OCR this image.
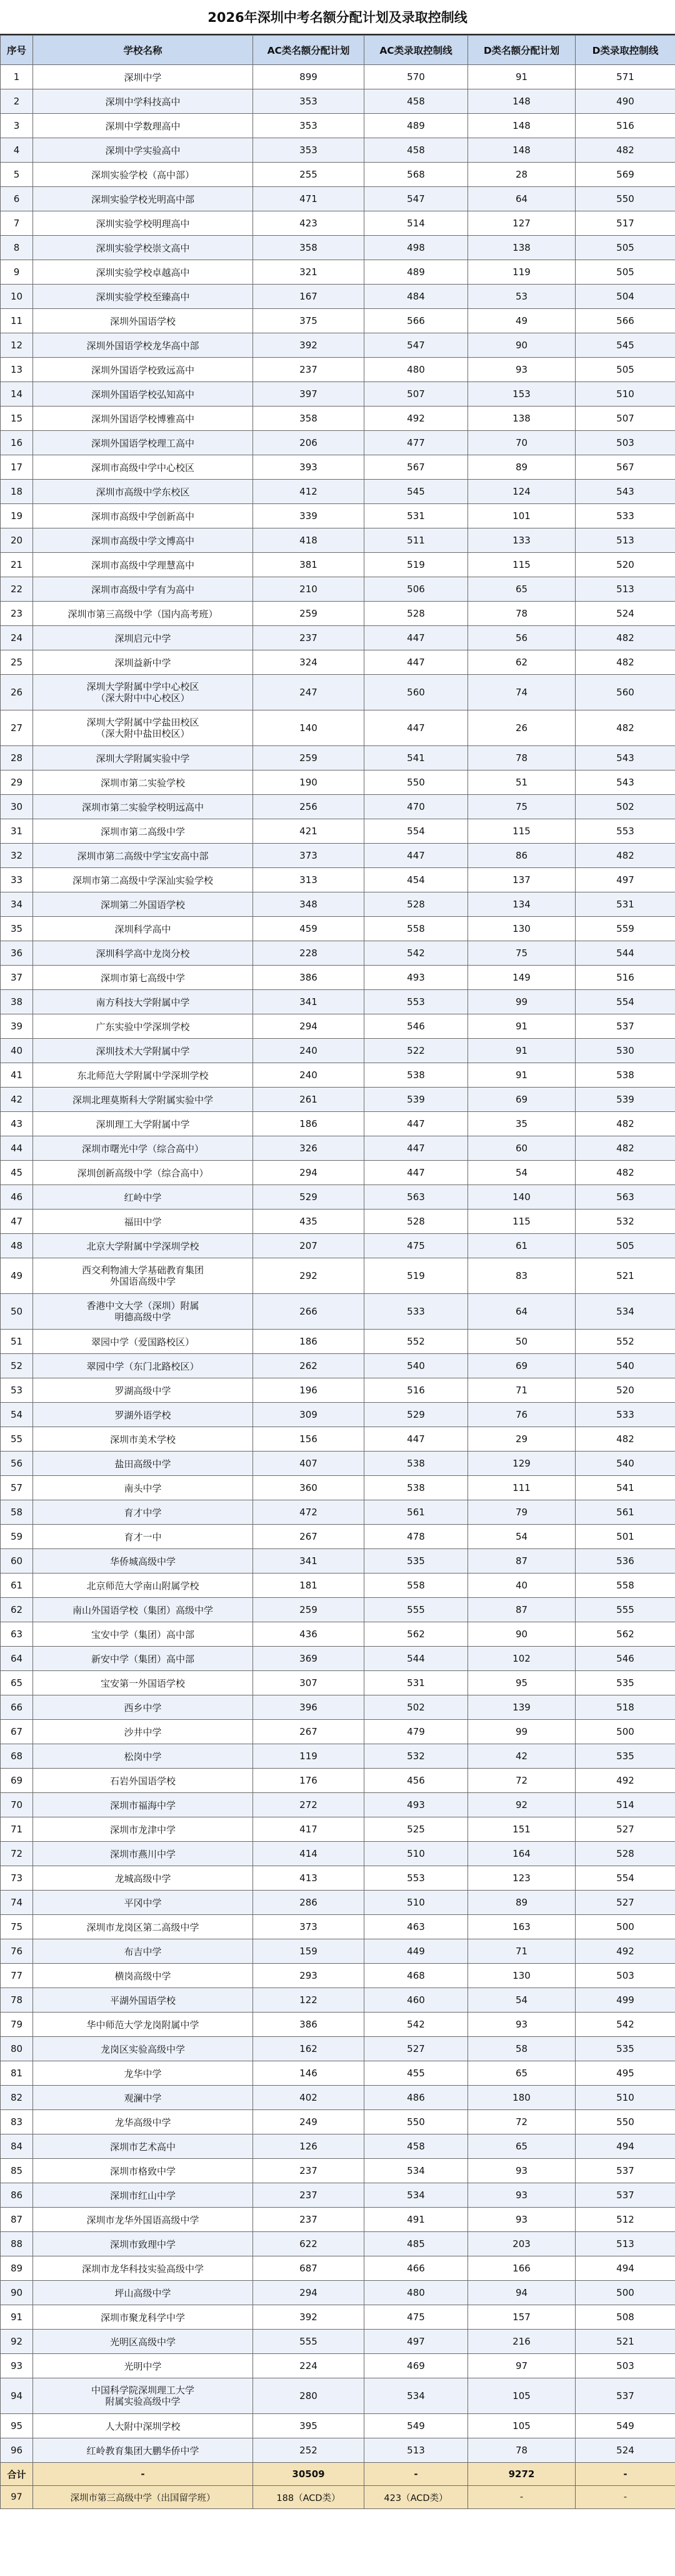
2026年深圳中考名额分配计划及录取控制线
序号	学校名称	AC类名额分配计划	AC类录取控制线	D类名额分配计划	D类录取控制线
1	深圳中学	899	570	91	571
2	深圳中学科技高中	353	458	148	490
3	深圳中学数理高中	353	489	148	516
4	深圳中学实验高中	353	458	148	482
5	深圳实验学校（高中部）	255	568	28	569
6	深圳实验学校光明高中部	471	547	64	550
7	深圳实验学校明理高中	423	514	127	517
8	深圳实验学校崇文高中	358	498	138	505
9	深圳实验学校卓越高中	321	489	119	505
10	深圳实验学校至臻高中	167	484	53	504
11	深圳外国语学校	375	566	49	566
12	深圳外国语学校龙华高中部	392	547	90	545
13	深圳外国语学校致远高中	237	480	93	505
14	深圳外国语学校弘知高中	397	507	153	510
15	深圳外国语学校博雅高中	358	492	138	507
16	深圳外国语学校理工高中	206	477	70	503
17	深圳市高级中学中心校区	393	567	89	567
18	深圳市高级中学东校区	412	545	124	543
19	深圳市高级中学创新高中	339	531	101	533
20	深圳市高级中学文博高中	418	511	133	513
21	深圳市高级中学理慧高中	381	519	115	520
22	深圳市高级中学有为高中	210	506	65	513
23	深圳市第三高级中学（国内高考班）	259	528	78	524
24	深圳启元中学	237	447	56	482
25	深圳益新中学	324	447	62	482
26	深圳大学附属中学中心校区
（深大附中中心校区）	247	560	74	560
27	深圳大学附属中学盐田校区
（深大附中盐田校区）	140	447	26	482
28	深圳大学附属实验中学	259	541	78	543
29	深圳市第二实验学校	190	550	51	543
30	深圳市第二实验学校明远高中	256	470	75	502
31	深圳市第二高级中学	421	554	115	553
32	深圳市第二高级中学宝安高中部	373	447	86	482
33	深圳市第二高级中学深汕实验学校	313	454	137	497
34	深圳第二外国语学校	348	528	134	531
35	深圳科学高中	459	558	130	559
36	深圳科学高中龙岗分校	228	542	75	544
37	深圳市第七高级中学	386	493	149	516
38	南方科技大学附属中学	341	553	99	554
39	广东实验中学深圳学校	294	546	91	537
40	深圳技术大学附属中学	240	522	91	530
41	东北师范大学附属中学深圳学校	240	538	91	538
42	深圳北理莫斯科大学附属实验中学	261	539	69	539
43	深圳理工大学附属中学	186	447	35	482
44	深圳市曙光中学（综合高中）	326	447	60	482
45	深圳创新高级中学（综合高中）	294	447	54	482
46	红岭中学	529	563	140	563
47	福田中学	435	528	115	532
48	北京大学附属中学深圳学校	207	475	61	505
49	西交利物浦大学基础教育集团
外国语高级中学	292	519	83	521
50	香港中文大学（深圳）附属
明德高级中学	266	533	64	534
51	翠园中学（爱国路校区）	186	552	50	552
52	翠园中学（东门北路校区）	262	540	69	540
53	罗湖高级中学	196	516	71	520
54	罗湖外语学校	309	529	76	533
55	深圳市美术学校	156	447	29	482
56	盐田高级中学	407	538	129	540
57	南头中学	360	538	111	541
58	育才中学	472	561	79	561
59	育才一中	267	478	54	501
60	华侨城高级中学	341	535	87	536
61	北京师范大学南山附属学校	181	558	40	558
62	南山外国语学校（集团）高级中学	259	555	87	555
63	宝安中学（集团）高中部	436	562	90	562
64	新安中学（集团）高中部	369	544	102	546
65	宝安第一外国语学校	307	531	95	535
66	西乡中学	396	502	139	518
67	沙井中学	267	479	99	500
68	松岗中学	119	532	42	535
69	石岩外国语学校	176	456	72	492
70	深圳市福海中学	272	493	92	514
71	深圳市龙津中学	417	525	151	527
72	深圳市燕川中学	414	510	164	528
73	龙城高级中学	413	553	123	554
74	平冈中学	286	510	89	527
75	深圳市龙岗区第二高级中学	373	463	163	500
76	布吉中学	159	449	71	492
77	横岗高级中学	293	468	130	503
78	平湖外国语学校	122	460	54	499
79	华中师范大学龙岗附属中学	386	542	93	542
80	龙岗区实验高级中学	162	527	58	535
81	龙华中学	146	455	65	495
82	观澜中学	402	486	180	510
83	龙华高级中学	249	550	72	550
84	深圳市艺术高中	126	458	65	494
85	深圳市格致中学	237	534	93	537
86	深圳市红山中学	237	534	93	537
87	深圳市龙华外国语高级中学	237	491	93	512
88	深圳市致理中学	622	485	203	513
89	深圳市龙华科技实验高级中学	687	466	166	494
90	坪山高级中学	294	480	94	500
91	深圳市聚龙科学中学	392	475	157	508
92	光明区高级中学	555	497	216	521
93	光明中学	224	469	97	503
94	中国科学院深圳理工大学
附属实验高级中学	280	534	105	537
95	人大附中深圳学校	395	549	105	549
96	红岭教育集团大鹏华侨中学	252	513	78	524
合计	-	30509	-	9272	-
97	深圳市第三高级中学（出国留学班）	188（ACD类）	423（ACD类）	-	-
